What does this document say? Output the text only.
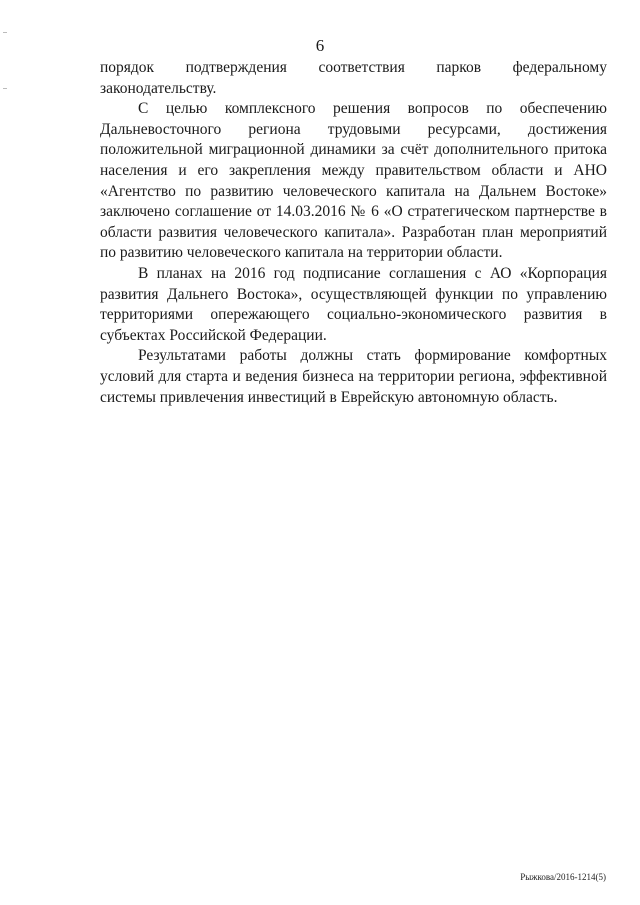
6

порядок подтверждения соответствия парков федеральному законодательству.

С целью комплексного решения вопросов по обеспечению Дальневосточного региона трудовыми ресурсами, достижения положительной миграционной динамики за счёт дополнительного притока населения и его закрепления между правительством области и АНО «Агентство по развитию человеческого капитала на Дальнем Востоке» заключено соглашение от 14.03.2016 № 6 «О стратегическом партнерстве в области развития человеческого капитала». Разработан план мероприятий по развитию человеческого капитала на территории области.

В планах на 2016 год подписание соглашения с АО «Корпорация развития Дальнего Востока», осуществляющей функции по управлению территориями опережающего социально-экономического развития в субъектах Российской Федерации.

Результатами работы должны стать формирование комфортных условий для старта и ведения бизнеса на территории региона, эффективной системы привлечения инвестиций в Еврейскую автономную область.

Рыжкова/2016-1214(5)
